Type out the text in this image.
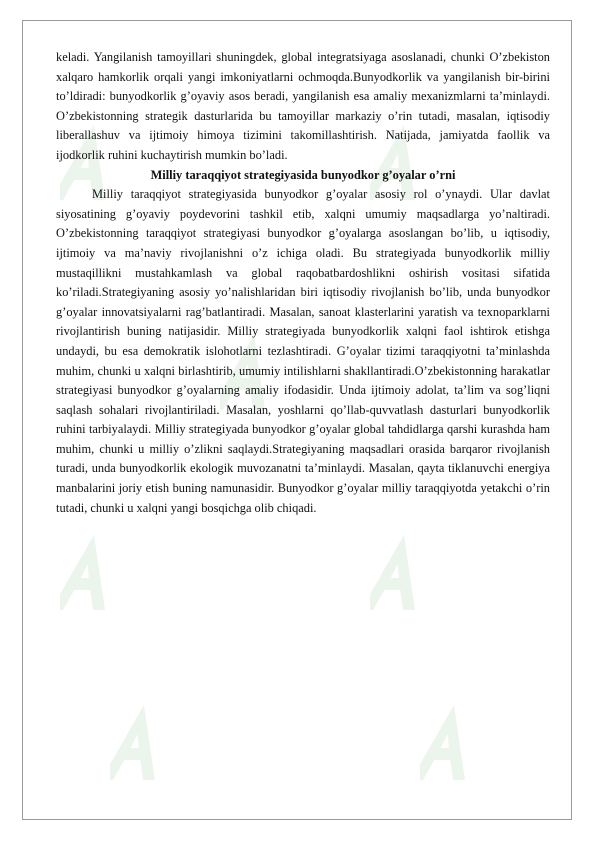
keladi. Yangilanish tamoyillari shuningdek, global integratsiyaga asoslanadi, chunki O’zbekiston xalqaro hamkorlik orqali yangi imkoniyatlarni ochmoqda.Bunyodkorlik va yangilanish bir-birini to’ldiradi: bunyodkorlik g’oyaviy asos beradi, yangilanish esa amaliy mexanizmlarni ta’minlaydi. O’zbekistonning strategik dasturlarida bu tamoyillar markaziy o’rin tutadi, masalan, iqtisodiy liberallashuv va ijtimoiy himoya tizimini takomillashtirish. Natijada, jamiyatda faollik va ijodkorlik ruhini kuchaytirish mumkin bo’ladi.

Milliy taraqqiyot strategiyasida bunyodkor g’oyalar o’rni

Milliy taraqqiyot strategiyasida bunyodkor g’oyalar asosiy rol o’ynaydi. Ular davlat siyosatining g’oyaviy poydevorini tashkil etib, xalqni umumiy maqsadlarga yo’naltiradi. O’zbekistonning taraqqiyot strategiyasi bunyodkor g’oyalarga asoslangan bo’lib, u iqtisodiy, ijtimoiy va ma’naviy rivojlanishni o’z ichiga oladi. Bu strategiyada bunyodkorlik milliy mustaqillikni mustahkamlash va global raqobatbardoshlikni oshirish vositasi sifatida ko’riladi.Strategiyaning asosiy yo’nalishlaridan biri iqtisodiy rivojlanish bo’lib, unda bunyodkor g’oyalar innovatsiyalarni rag’batlantiradi. Masalan, sanoat klasterlarini yaratish va texnoparklarni rivojlantirish buning natijasidir. Milliy strategiyada bunyodkorlik xalqni faol ishtirok etishga undaydi, bu esa demokratik islohotlarni tezlashtiradi. G’oyalar tizimi taraqqiyotni ta’minlashda muhim, chunki u xalqni birlashtirib, umumiy intilishlarni shakllantiradi.O’zbekistonning harakatlar strategiyasi bunyodkor g’oyalarning amaliy ifodasidir. Unda ijtimoiy adolat, ta’lim va sog’liqni saqlash sohalari rivojlantiriladi. Masalan, yoshlarni qo’llab-quvvatlash dasturlari bunyodkorlik ruhini tarbiyalaydi. Milliy strategiyada bunyodkor g’oyalar global tahdidlarga qarshi kurashda ham muhim, chunki u milliy o’zlikni saqlaydi.Strategiyaning maqsadlari orasida barqaror rivojlanish turadi, unda bunyodkorlik ekologik muvozanatni ta’minlaydi. Masalan, qayta tiklanuvchi energiya manbalarini joriy etish buning namunasidir. Bunyodkor g’oyalar milliy taraqqiyotda yetakchi o’rin tutadi, chunki u xalqni yangi bosqichga olib chiqadi.
